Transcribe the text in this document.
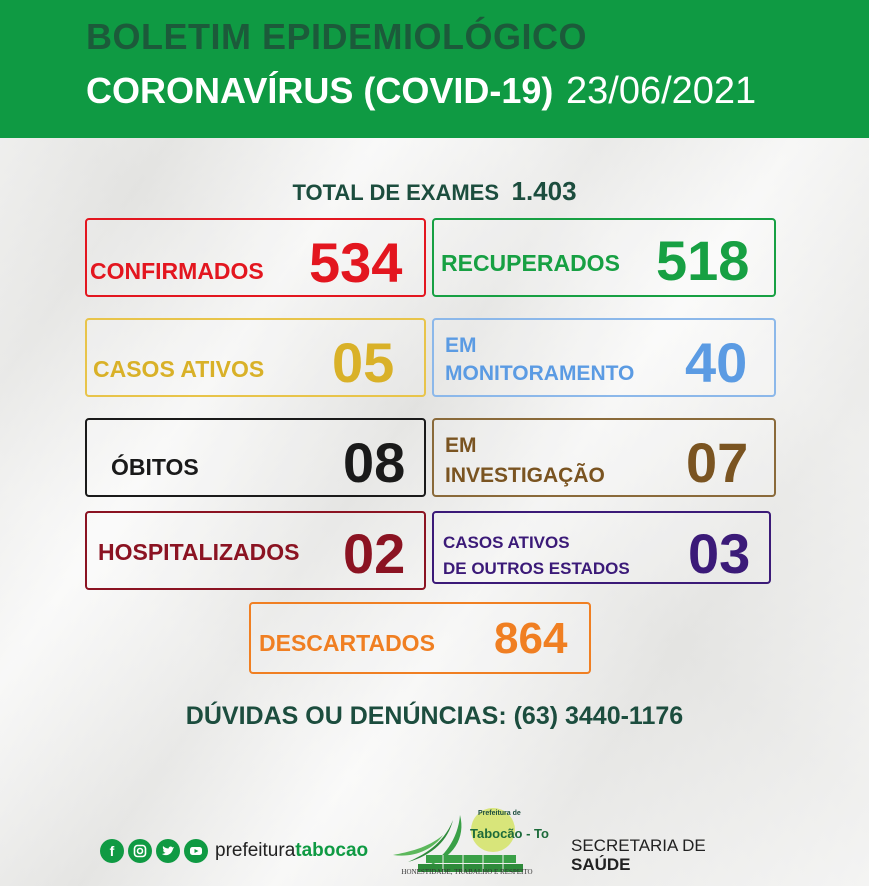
BOLETIM EPIDEMIOLÓGICO
CORONAVÍRUS (COVID-19) 23/06/2021
TOTAL DE EXAMES 1.403
CONFIRMADOS 534 RECUPERADOS 518
CASOS ATIVOS 05 EM
MONITORAMENTO 40
ÓBITOS	08 EM
INVESTIGAÇÃO 07
HOSPITALIZADOS 02 CASOS ATIVOS
DE OUTROS ESTADOS 03
DESCARTADOS 864
DÚVIDAS OU DENÚNCIAS: (63) 3440-1176
f	prefeituratabocao
Prefeitura de
Tabocão - To
HONESTIDADE, TRABALHO E RESPEITO
SECRETARIA DE
SAÚDE
